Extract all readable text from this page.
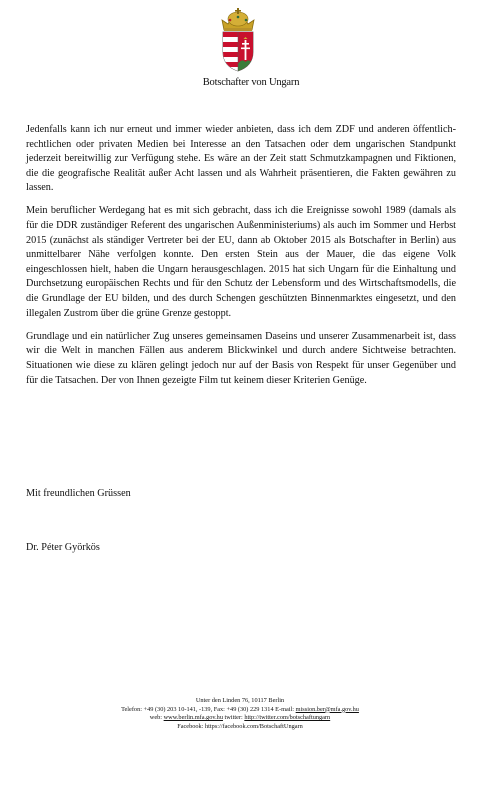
Botschafter von Ungarn

Jedenfalls kann ich nur erneut und immer wieder anbieten, dass ich dem ZDF und anderen öffentlich-rechtlichen oder privaten Medien bei Interesse an den Tatsachen oder dem ungarischen Standpunkt jederzeit bereitwillig zur Verfügung stehe. Es wäre an der Zeit statt Schmutzkampagnen und Fiktionen, die die geografische Realität außer Acht lassen und als Wahrheit präsentieren, die Fakten gewähren zu lassen.

Mein beruflicher Werdegang hat es mit sich gebracht, dass ich die Ereignisse sowohl 1989 (damals als für die DDR zuständiger Referent des ungarischen Außenministeriums) als auch im Sommer und Herbst 2015 (zunächst als ständiger Vertreter bei der EU, dann ab Oktober 2015 als Botschafter in Berlin) aus unmittelbarer Nähe verfolgen konnte. Den ersten Stein aus der Mauer, die das eigene Volk eingeschlossen hielt, haben die Ungarn herausgeschlagen. 2015 hat sich Ungarn für die Einhaltung und Durchsetzung europäischen Rechts und für den Schutz der Lebensform und des Wirtschaftsmodells, die die Grundlage der EU bilden, und des durch Schengen geschützten Binnenmarktes eingesetzt, und den illegalen Zustrom über die grüne Grenze gestoppt.

Grundlage und ein natürlicher Zug unseres gemeinsamen Daseins und unserer Zusammenarbeit ist, dass wir die Welt in manchen Fällen aus anderem Blickwinkel und durch andere Sichtweise betrachten. Situationen wie diese zu klären gelingt jedoch nur auf der Basis von Respekt für unser Gegenüber und für die Tatsachen. Der von Ihnen gezeigte Film tut keinem dieser Kriterien Genüge.

Mit freundlichen Grüssen
Dr. Péter Györkös
Unter den Linden 76, 10117 Berlin
Telefon: +49 (30) 203 10-141, -139, Fax: +49 (30) 229 1314 E-mail: mission.ber@mfa.gov.hu
web: www.berlin.mfa.gov.hu twitter: http://twitter.com/botschaftungarn
Facebook: https://facebook.com/BotschaftUngarn
